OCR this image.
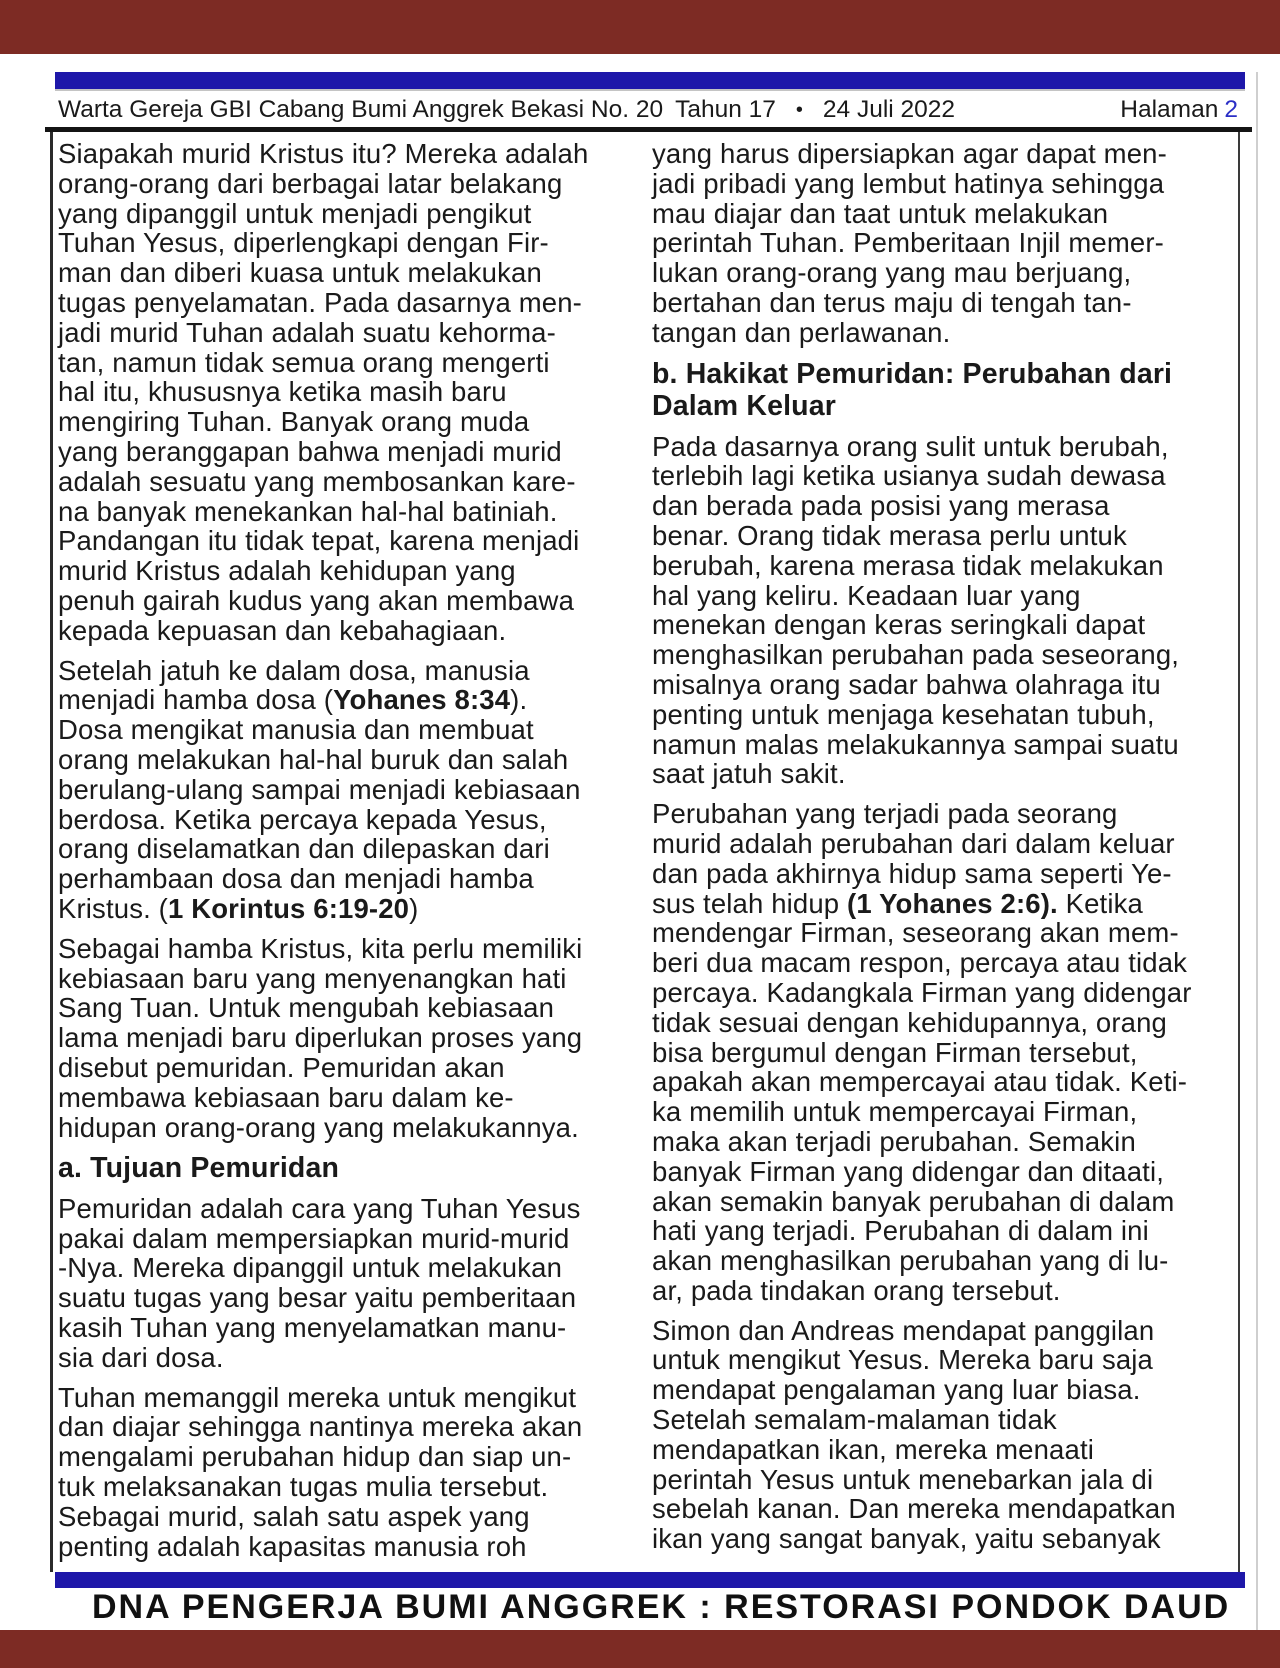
Warta Gereja GBI Cabang Bumi Anggrek Bekasi No. 20 Tahun 17 • 24 Juli 2022	Halaman 2
Siapakah murid Kristus itu? Mereka adalah
orang-orang dari berbagai latar belakang
yang dipanggil untuk menjadi pengikut
Tuhan Yesus, diperlengkapi dengan Fir-
man dan diberi kuasa untuk melakukan
tugas penyelamatan. Pada dasarnya men-
jadi murid Tuhan adalah suatu kehorma-
tan, namun tidak semua orang mengerti
hal itu, khususnya ketika masih baru
mengiring Tuhan. Banyak orang muda
yang beranggapan bahwa menjadi murid
adalah sesuatu yang membosankan kare-
na banyak menekankan hal-hal batiniah.
Pandangan itu tidak tepat, karena menjadi
murid Kristus adalah kehidupan yang
penuh gairah kudus yang akan membawa
kepada kepuasan dan kebahagiaan.
Setelah jatuh ke dalam dosa, manusia
menjadi hamba dosa (Yohanes 8:34).
Dosa mengikat manusia dan membuat
orang melakukan hal-hal buruk dan salah
berulang-ulang sampai menjadi kebiasaan
berdosa. Ketika percaya kepada Yesus,
orang diselamatkan dan dilepaskan dari
perhambaan dosa dan menjadi hamba
Kristus. (1 Korintus 6:19-20)
Sebagai hamba Kristus, kita perlu memiliki
kebiasaan baru yang menyenangkan hati
Sang Tuan. Untuk mengubah kebiasaan
lama menjadi baru diperlukan proses yang
disebut pemuridan. Pemuridan akan
membawa kebiasaan baru dalam ke-
hidupan orang-orang yang melakukannya.
a. Tujuan Pemuridan
Pemuridan adalah cara yang Tuhan Yesus
pakai dalam mempersiapkan murid-murid
-Nya. Mereka dipanggil untuk melakukan
suatu tugas yang besar yaitu pemberitaan
kasih Tuhan yang menyelamatkan manu-
sia dari dosa.
Tuhan memanggil mereka untuk mengikut
dan diajar sehingga nantinya mereka akan
mengalami perubahan hidup dan siap un-
tuk melaksanakan tugas mulia tersebut.
Sebagai murid, salah satu aspek yang
penting adalah kapasitas manusia roh
yang harus dipersiapkan agar dapat men-
jadi pribadi yang lembut hatinya sehingga
mau diajar dan taat untuk melakukan
perintah Tuhan. Pemberitaan Injil memer-
lukan orang-orang yang mau berjuang,
bertahan dan terus maju di tengah tan-
tangan dan perlawanan.
b. Hakikat Pemuridan: Perubahan dari
Dalam Keluar
Pada dasarnya orang sulit untuk berubah,
terlebih lagi ketika usianya sudah dewasa
dan berada pada posisi yang merasa
benar. Orang tidak merasa perlu untuk
berubah, karena merasa tidak melakukan
hal yang keliru. Keadaan luar yang
menekan dengan keras seringkali dapat
menghasilkan perubahan pada seseorang,
misalnya orang sadar bahwa olahraga itu
penting untuk menjaga kesehatan tubuh,
namun malas melakukannya sampai suatu
saat jatuh sakit.
Perubahan yang terjadi pada seorang
murid adalah perubahan dari dalam keluar
dan pada akhirnya hidup sama seperti Ye-
sus telah hidup (1 Yohanes 2:6). Ketika
mendengar Firman, seseorang akan mem-
beri dua macam respon, percaya atau tidak
percaya. Kadangkala Firman yang didengar
tidak sesuai dengan kehidupannya, orang
bisa bergumul dengan Firman tersebut,
apakah akan mempercayai atau tidak. Keti-
ka memilih untuk mempercayai Firman,
maka akan terjadi perubahan. Semakin
banyak Firman yang didengar dan ditaati,
akan semakin banyak perubahan di dalam
hati yang terjadi. Perubahan di dalam ini
akan menghasilkan perubahan yang di lu-
ar, pada tindakan orang tersebut.
Simon dan Andreas mendapat panggilan
untuk mengikut Yesus. Mereka baru saja
mendapat pengalaman yang luar biasa.
Setelah semalam-malaman tidak
mendapatkan ikan, mereka menaati
perintah Yesus untuk menebarkan jala di
sebelah kanan. Dan mereka mendapatkan
ikan yang sangat banyak, yaitu sebanyak
DNA PENGERJA BUMI ANGGREK : RESTORASI PONDOK DAUD
